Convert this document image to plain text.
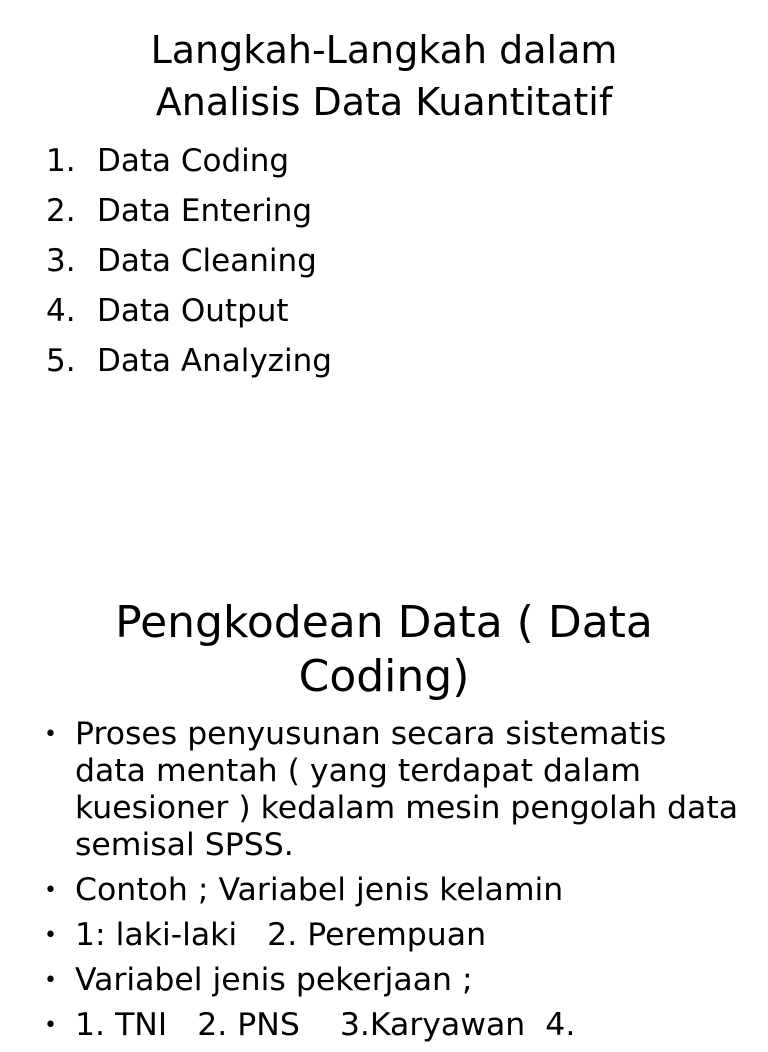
Langkah-Langkah dalam
Analisis Data Kuantitatif
1. Data Coding
2. Data Entering
3. Data Cleaning
4. Data Output
5. Data Analyzing
Pengkodean Data ( Data
Coding)
• Proses penyusunan secara sistematis data mentah ( yang terdapat dalam kuesioner ) kedalam mesin pengolah data semisal SPSS.
• Contoh ; Variabel jenis kelamin
• 1: laki-laki   2. Perempuan
• Variabel jenis pekerjaan ;
• 1. TNI   2. PNS    3.Karyawan  4.
